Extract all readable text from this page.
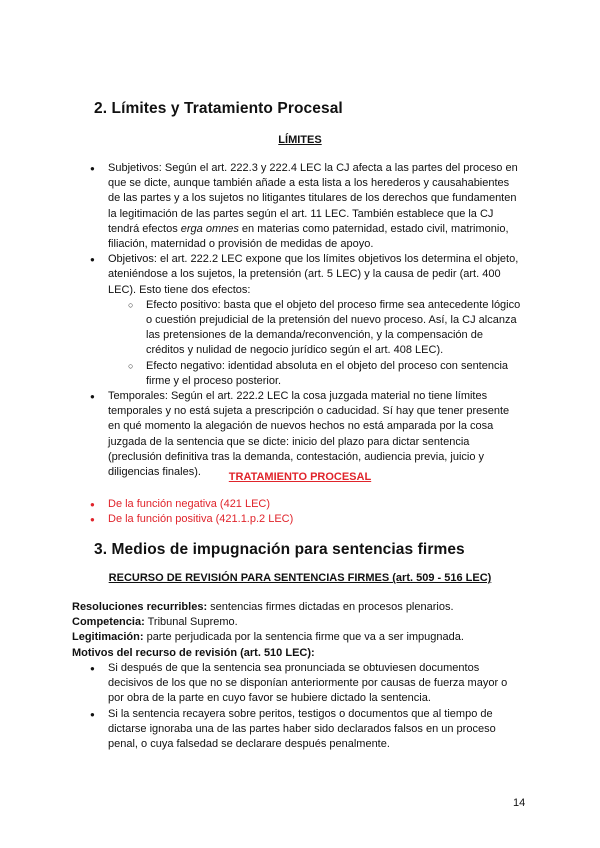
2. Límites y Tratamiento Procesal

LÍMITES

● Subjetivos: Según el art. 222.3 y 222.4 LEC la CJ afecta a las partes del proceso en que se dicte, aunque también añade a esta lista a los herederos y causahabientes de las partes y a los sujetos no litigantes titulares de los derechos que fundamenten la legitimación de las partes según el art. 11 LEC. También establece que la CJ tendrá efectos erga omnes en materias como paternidad, estado civil, matrimonio, filiación, maternidad o provisión de medidas de apoyo.
● Objetivos: el art. 222.2 LEC expone que los límites objetivos los determina el objeto, ateniéndose a los sujetos, la pretensión (art. 5 LEC) y la causa de pedir (art. 400 LEC). Esto tiene dos efectos:
○ Efecto positivo: basta que el objeto del proceso firme sea antecedente lógico o cuestión prejudicial de la pretensión del nuevo proceso. Así, la CJ alcanza las pretensiones de la demanda/reconvención, y la compensación de créditos y nulidad de negocio jurídico según el art. 408 LEC).
○ Efecto negativo: identidad absoluta en el objeto del proceso con sentencia firme y el proceso posterior.
● Temporales: Según el art. 222.2 LEC la cosa juzgada material no tiene límites temporales y no está sujeta a prescripción o caducidad. Sí hay que tener presente en qué momento la alegación de nuevos hechos no está amparada por la cosa juzgada de la sentencia que se dicte: inicio del plazo para dictar sentencia (preclusión definitiva tras la demanda, contestación, audiencia previa, juicio y diligencias finales).	TRATAMIENTO PROCESAL

● De la función negativa (421 LEC)
● De la función positiva (421.1.p.2 LEC)
3. Medios de impugnación para sentencias firmes

RECURSO DE REVISIÓN PARA SENTENCIAS FIRMES (art. 509 - 516 LEC)

Resoluciones recurribles: sentencias firmes dictadas en procesos plenarios.

Competencia: Tribunal Supremo.

Legitimación: parte perjudicada por la sentencia firme que va a ser impugnada.

Motivos del recurso de revisión (art. 510 LEC):

● Si después de que la sentencia sea pronunciada se obtuviesen documentos decisivos de los que no se disponían anteriormente por causas de fuerza mayor o por obra de la parte en cuyo favor se hubiere dictado la sentencia.
● Si la sentencia recayera sobre peritos, testigos o documentos que al tiempo de dictarse ignoraba una de las partes haber sido declarados falsos en un proceso penal, o cuya falsedad se declarare después penalmente.
14
